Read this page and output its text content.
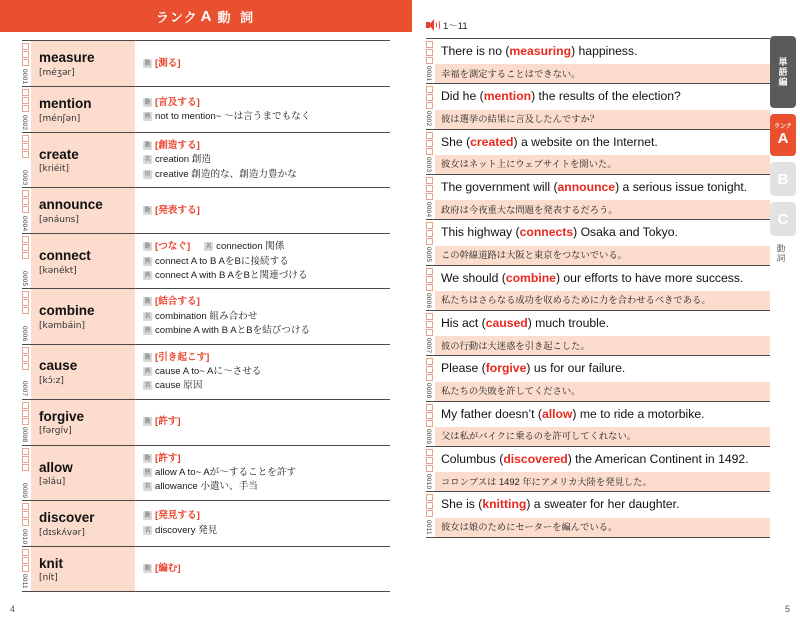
ランク A 動 詞
0001
measure
[méʒər]
動 [測る]
0002
mention
[ménʃən]
動 [言及する]
熟 not to mention~ 〜は言うまでもなく
0003
create
[kriéit]
動 [創造する]
名 creation 創造
形 creative 創造的な、創造力豊かな
0004
announce
[ənáuns]
動 [発表する]
0005
connect
[kənékt]
動 [つなぐ]	名 connection 関係
熟 connect A to B AをBに接続する
熟 connect A with B AをBと関連づける
0006
combine
[kəmbáin]
動 [結合する]
名 combination 組み合わせ
熟 combine A with B AとBを結びつける
0007
cause
[kɔ́:z]
動 [引き起こす]
熟 cause A to~ Aに〜させる
名 cause 原因
0008
forgive
[fərgív]
動 [許す]
0009
allow
[əláu]
動 [許す]
熟 allow A to~ Aが〜することを許す
名 allowance 小遣い、手当
0010
discover
[dɪskʌ́vər]
動 [発見する]
名 discovery 発見
0011
knit
[nít]
動 [編む]
4
1〜11
0001
There is no (measuring) happiness.
幸福を測定することはできない。
0002
Did he (mention) the results of the election?
彼は選挙の結果に言及したんですか？
0003
She (created) a website on the Internet.
彼女はネット上にウェブサイトを開いた。
0004
The government will (announce) a serious issue tonight.
政府は今夜重大な問題を発表するだろう。
0005
This highway (connects) Osaka and Tokyo.
この幹線道路は大阪と東京をつないでいる。
0006
We should (combine) our efforts to have more success.
私たちはさらなる成功を収めるために力を合わせるべきである。
0007
His act (caused) much trouble.
彼の行動は大迷惑を引き起こした。
0008
Please (forgive) us for our failure.
私たちの失敗を許してください。
0009
My father doesn’t (allow) me to ride a motorbike.
父は私がバイクに乗るのを許可してくれない。
0010
Columbus (discovered) the American Continent in 1492.
コロンブスは 1492 年にアメリカ大陸を発見した。
0011
She is (knitting) a sweater for her daughter.
彼女は娘のためにセーターを編んでいる。
5
単語編
ランク
A
B
C
動詞
